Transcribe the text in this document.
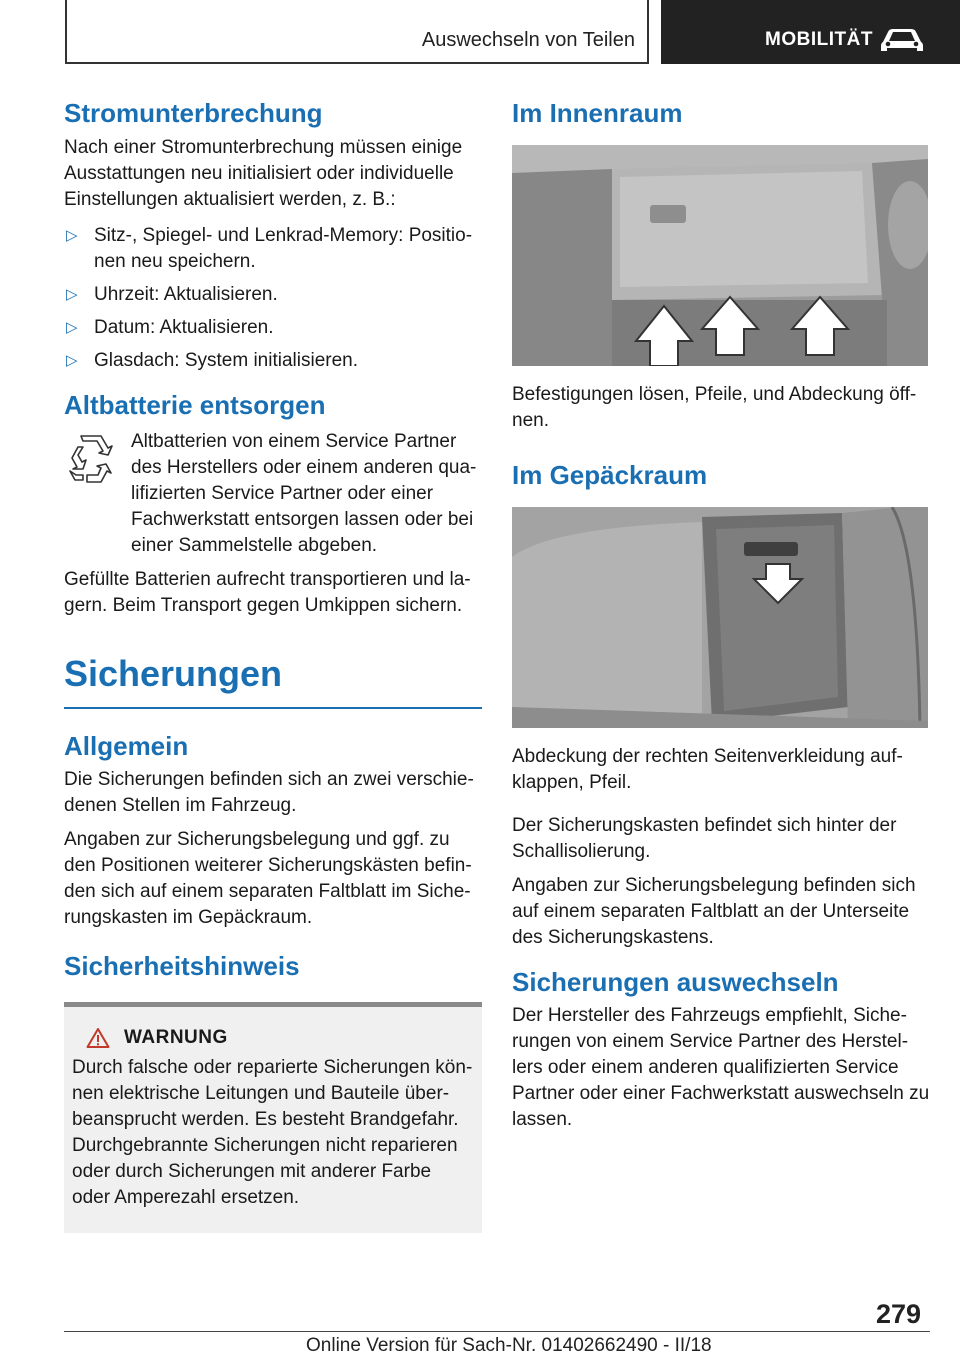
Auswechseln von Teilen	MOBILITÄT
Stromunterbrechung

Nach einer Stromunterbrechung müssen einige Ausstattungen neu initialisiert oder individuelle Einstellungen aktualisiert werden, z. B.:

▷ Sitz-, Spiegel- und Lenkrad-Memory: Positionen neu speichern.
▷ Uhrzeit: Aktualisieren.
▷ Datum: Aktualisieren.
▷ Glasdach: System initialisieren.
Altbatterie entsorgen

Altbatterien von einem Service Partner des Herstellers oder einem anderen qualifizierten Service Partner oder einer Fachwerkstatt entsorgen lassen oder bei einer Sammelstelle abgeben.

Gefüllte Batterien aufrecht transportieren und lagern. Beim Transport gegen Umkippen sichern.

Sicherungen
Allgemein

Die Sicherungen befinden sich an zwei verschiedenen Stellen im Fahrzeug.

Angaben zur Sicherungsbelegung und ggf. zu den Positionen weiterer Sicherungskästen befinden sich auf einem separaten Faltblatt im Sicherungskasten im Gepäckraum.

Sicherheitshinweis
WARNUNG

Durch falsche oder reparierte Sicherungen können elektrische Leitungen und Bauteile überbeansprucht werden. Es besteht Brandgefahr. Durchgebrannte Sicherungen nicht reparieren oder durch Sicherungen mit anderer Farbe oder Amperezahl ersetzen.

Im Innenraum

Befestigungen lösen, Pfeile, und Abdeckung öffnen.

Im Gepäckraum

Abdeckung der rechten Seitenverkleidung aufklappen, Pfeil.

Der Sicherungskasten befindet sich hinter der Schallisolierung.

Angaben zur Sicherungsbelegung befinden sich auf einem separaten Faltblatt an der Unterseite des Sicherungskastens.

Sicherungen auswechseln

Der Hersteller des Fahrzeugs empfiehlt, Sicherungen von einem Service Partner des Herstellers oder einem anderen qualifizierten Service Partner oder einer Fachwerkstatt auswechseln zu lassen.

279
Online Version für Sach-Nr. 01402662490 - II/18
